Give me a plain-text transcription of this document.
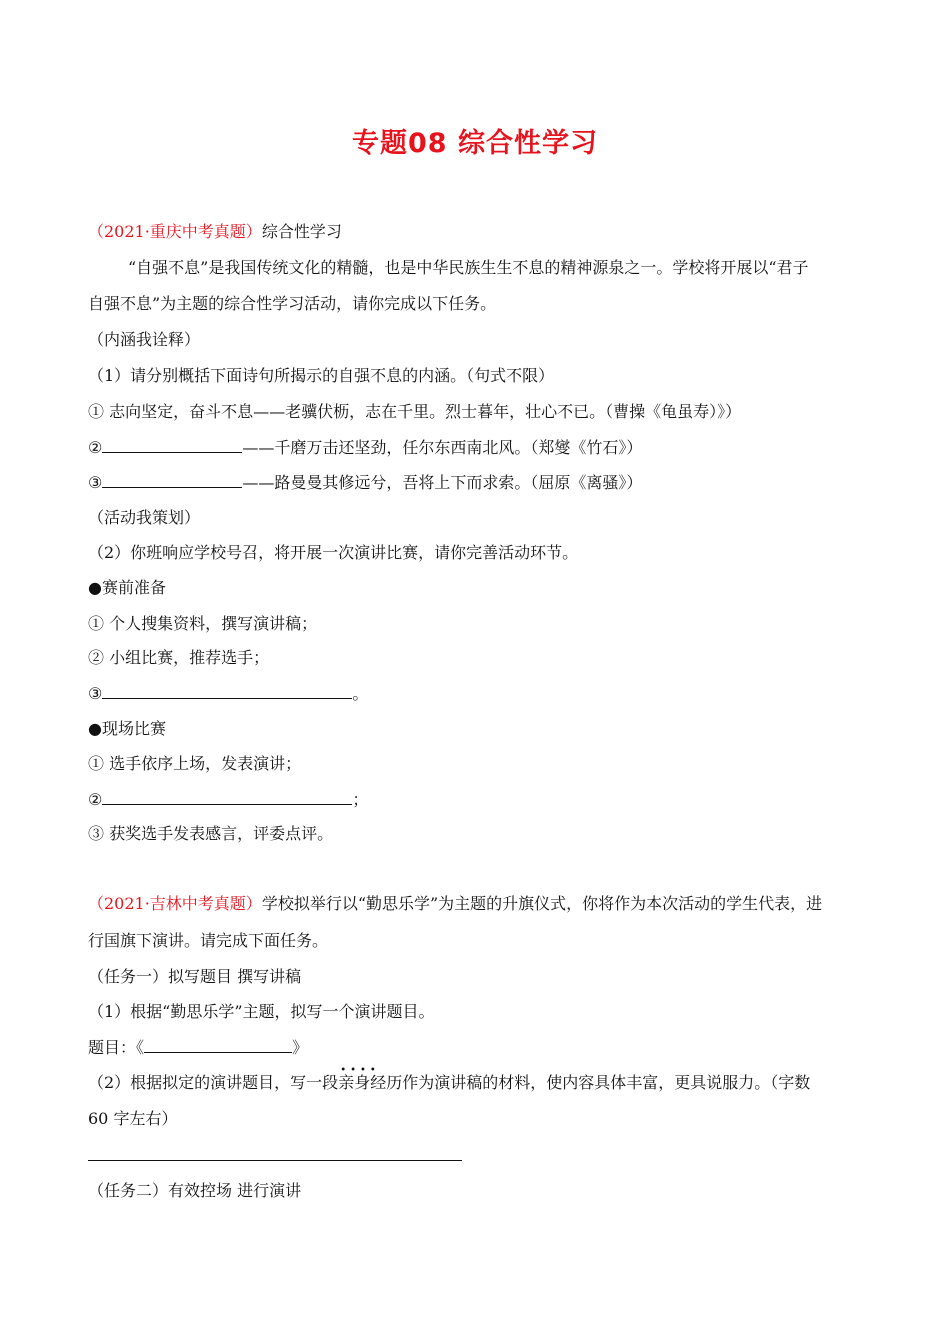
专题08 综合性学习
（2021·重庆中考真题）综合性学习
“自强不息”是我国传统文化的精髓，也是中华民族生生不息的精神源泉之一。学校将开展以“君子
自强不息”为主题的综合性学习活动，请你完成以下任务。
（内涵我诠释）
（1）请分别概括下面诗句所揭示的自强不息的内涵。（句式不限）
① 志向坚定，奋斗不息——老骥伏枥，志在千里。烈士暮年，壮心不已。（曹操《龟虽寿）》）
②	——千磨万击还坚劲，任尔东西南北风。（郑燮《竹石》）
③	——路曼曼其修远兮，吾将上下而求索。（屈原《离骚》）
（活动我策划）
（2）你班响应学校号召，将开展一次演讲比赛，请你完善活动环节。
●赛前准备
① 个人搜集资料，撰写演讲稿；
② 小组比赛，推荐选手；
③	。
●现场比赛
① 选手依序上场，发表演讲；
②	；
③ 获奖选手发表感言，评委点评。
（2021·吉林中考真题）学校拟举行以“勤思乐学”为主题的升旗仪式，你将作为本次活动的学生代表，进
行国旗下演讲。请完成下面任务。
（任务一）拟写题目 撰写讲稿
（1）根据“勤思乐学”主题，拟写一个演讲题目。
题目：《	》
（2）根据拟定的演讲题目，写一段•••• 亲身经历作为演讲稿的材料，使内容具体丰富，更具说服力。（字数
60 字左右）
（任务二）有效控场 进行演讲
